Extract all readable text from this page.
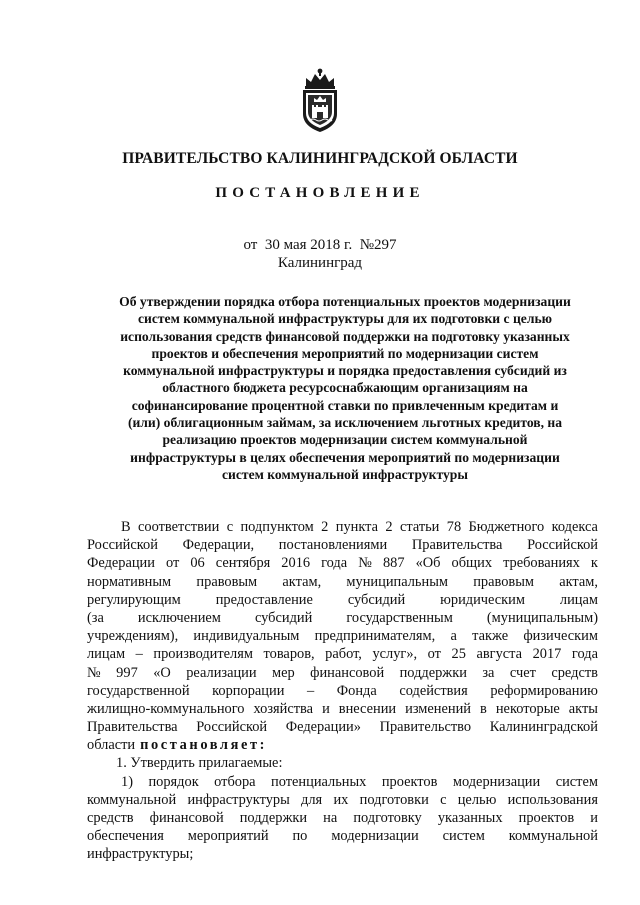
ПРАВИТЕЛЬСТВО КАЛИНИНГРАДСКОЙ ОБЛАСТИ
ПОСТАНОВЛЕНИЕ
от 30 мая 2018 г. №297
Калининград
Об утверждении порядка отбора потенциальных проектов модернизации
систем коммунальной инфраструктуры для их подготовки с целью
использования средств финансовой поддержки на подготовку указанных
проектов и обеспечения мероприятий по модернизации систем
коммунальной инфраструктуры и порядка предоставления субсидий из
областного бюджета ресурсоснабжающим организациям на
софинансирование процентной ставки по привлеченным кредитам и
(или) облигационным займам, за исключением льготных кредитов, на
реализацию проектов модернизации систем коммунальной
инфраструктуры в целях обеспечения мероприятий по модернизации
систем коммунальной инфраструктуры
В соответствии с подпунктом 2 пункта 2 статьи 78 Бюджетного кодекса
Российской Федерации, постановлениями Правительства Российской
Федерации от 06 сентября 2016 года № 887 «Об общих требованиях к
нормативным правовым актам, муниципальным правовым актам,
регулирующим предоставление субсидий юридическим лицам
(за исключением субсидий государственным (муниципальным)
учреждениям), индивидуальным предпринимателям, а также физическим
лицам – производителям товаров, работ, услуг», от 25 августа 2017 года
№ 997 «О реализации мер финансовой поддержки за счет средств
государственной корпорации – Фонда содействия реформированию
жилищно-коммунального хозяйства и внесении изменений в некоторые акты
Правительства Российской Федерации» Правительство Калининградской
области постановляет:
1. Утвердить прилагаемые:
1) порядок отбора потенциальных проектов модернизации систем
коммунальной инфраструктуры для их подготовки с целью использования
средств финансовой поддержки на подготовку указанных проектов и
обеспечения мероприятий по модернизации систем коммунальной
инфраструктуры;
